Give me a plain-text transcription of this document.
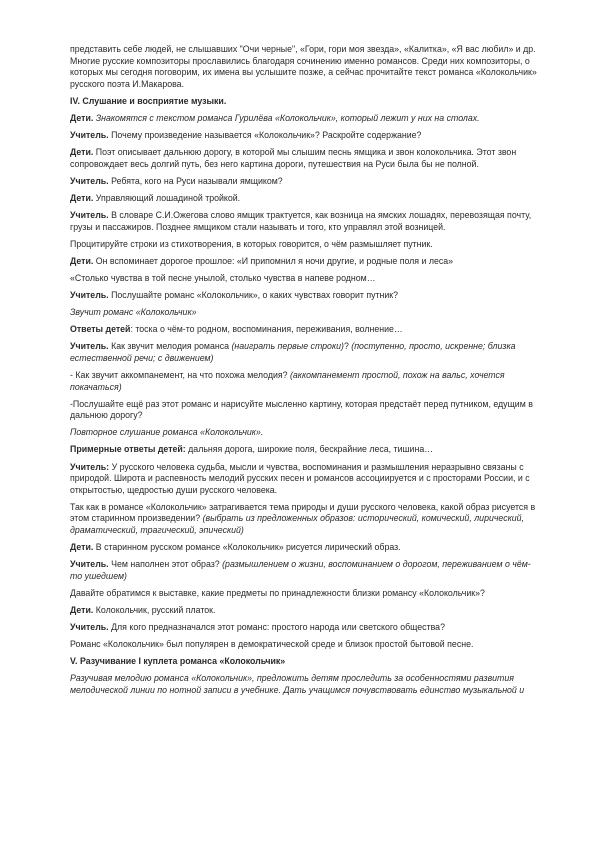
представить себе людей, не слышавших "Очи черные", «Гори, гори моя звезда», «Калитка», «Я вас любил» и др. Многие русские композиторы прославились благодаря сочинению именно романсов. Среди них композиторы, о которых мы сегодня поговорим, их имена вы услышите позже, а сейчас прочитайте текст романса «Колокольчик» русского поэта И.Макарова.

IV. Слушание и восприятие музыки.

Дети. Знакомятся с текстом романса Гурилёва «Колокольчик», который лежит у них на столах.

Учитель. Почему произведение называется «Колокольчик»? Раскройте содержание?

Дети. Поэт описывает дальнюю дорогу, в которой мы слышим песнь ямщика и звон колокольчика. Этот звон сопровождает весь долгий путь, без него картина дороги, путешествия на Руси была бы не полной.

Учитель. Ребята, кого на Руси называли ямщиком?

Дети. Управляющий лошадиной тройкой.

Учитель. В словаре С.И.Ожегова слово ямщик трактуется, как возница на ямских лошадях, перевозящая почту, грузы и пассажиров. Позднее ямщиком стали называть и того, кто управлял этой возницей.

Процитируйте строки из стихотворения, в которых говорится, о чём размышляет путник.

Дети. Он вспоминает дорогое прошлое: «И припомнил я ночи другие, и родные поля и леса»

«Столько чувства в той песне унылой, столько чувства в напеве родном…

Учитель. Послушайте романс «Колокольчик», о каких чувствах говорит путник?

Звучит романс «Колокольчик»

Ответы детей: тоска о чём-то родном, воспоминания, переживания, волнение…

Учитель. Как звучит мелодия романса (наиграть первые строки)? (поступенно, просто, искренне; близка естественной речи; с движением)

- Как звучит аккомпанемент, на что похожа мелодия? (аккомпанемент простой, похож на вальс, хочется покачаться)

-Послушайте ещё раз этот романс и нарисуйте мысленно картину, которая предстаёт перед путником, едущим в дальнюю дорогу?

Повторное слушание романса «Колокольчик».

Примерные ответы детей: дальняя дорога, широкие поля, бескрайние леса, тишина…

Учитель: У русского человека судьба, мысли и чувства, воспоминания и размышления неразрывно связаны с природой. Широта и распевность мелодий русских песен и романсов ассоциируется и с просторами России, и с открытостью, щедростью души русского человека.

Так как в романсе «Колокольчик» затрагивается тема природы и души русского человека, какой образ рисуется в этом старинном произведении? (выбрать из предложенных образов: исторический, комический, лирический, драматический, трагический, эпический)

Дети. В старинном русском романсе «Колокольчик» рисуется лирический образ.

Учитель. Чем наполнен этот образ? (размышлением о жизни, воспоминанием о дорогом, переживанием о чём-то ушедшем)

Давайте обратимся к выставке, какие предметы по принадлежности близки романсу «Колокольчик»?

Дети. Колокольчик, русский платок.

Учитель. Для кого предназначался этот романс: простого народа или светского общества?

Романс «Колокольчик» был популярен в демократической среде и близок простой бытовой песне.

V. Разучивание I куплета романса «Колокольчик»

Разучивая мелодию романса «Колокольчик», предложить детям проследить за особенностями развития мелодической линии по нотной записи в учебнике. Дать учащимся почувствовать единство музыкальной и
